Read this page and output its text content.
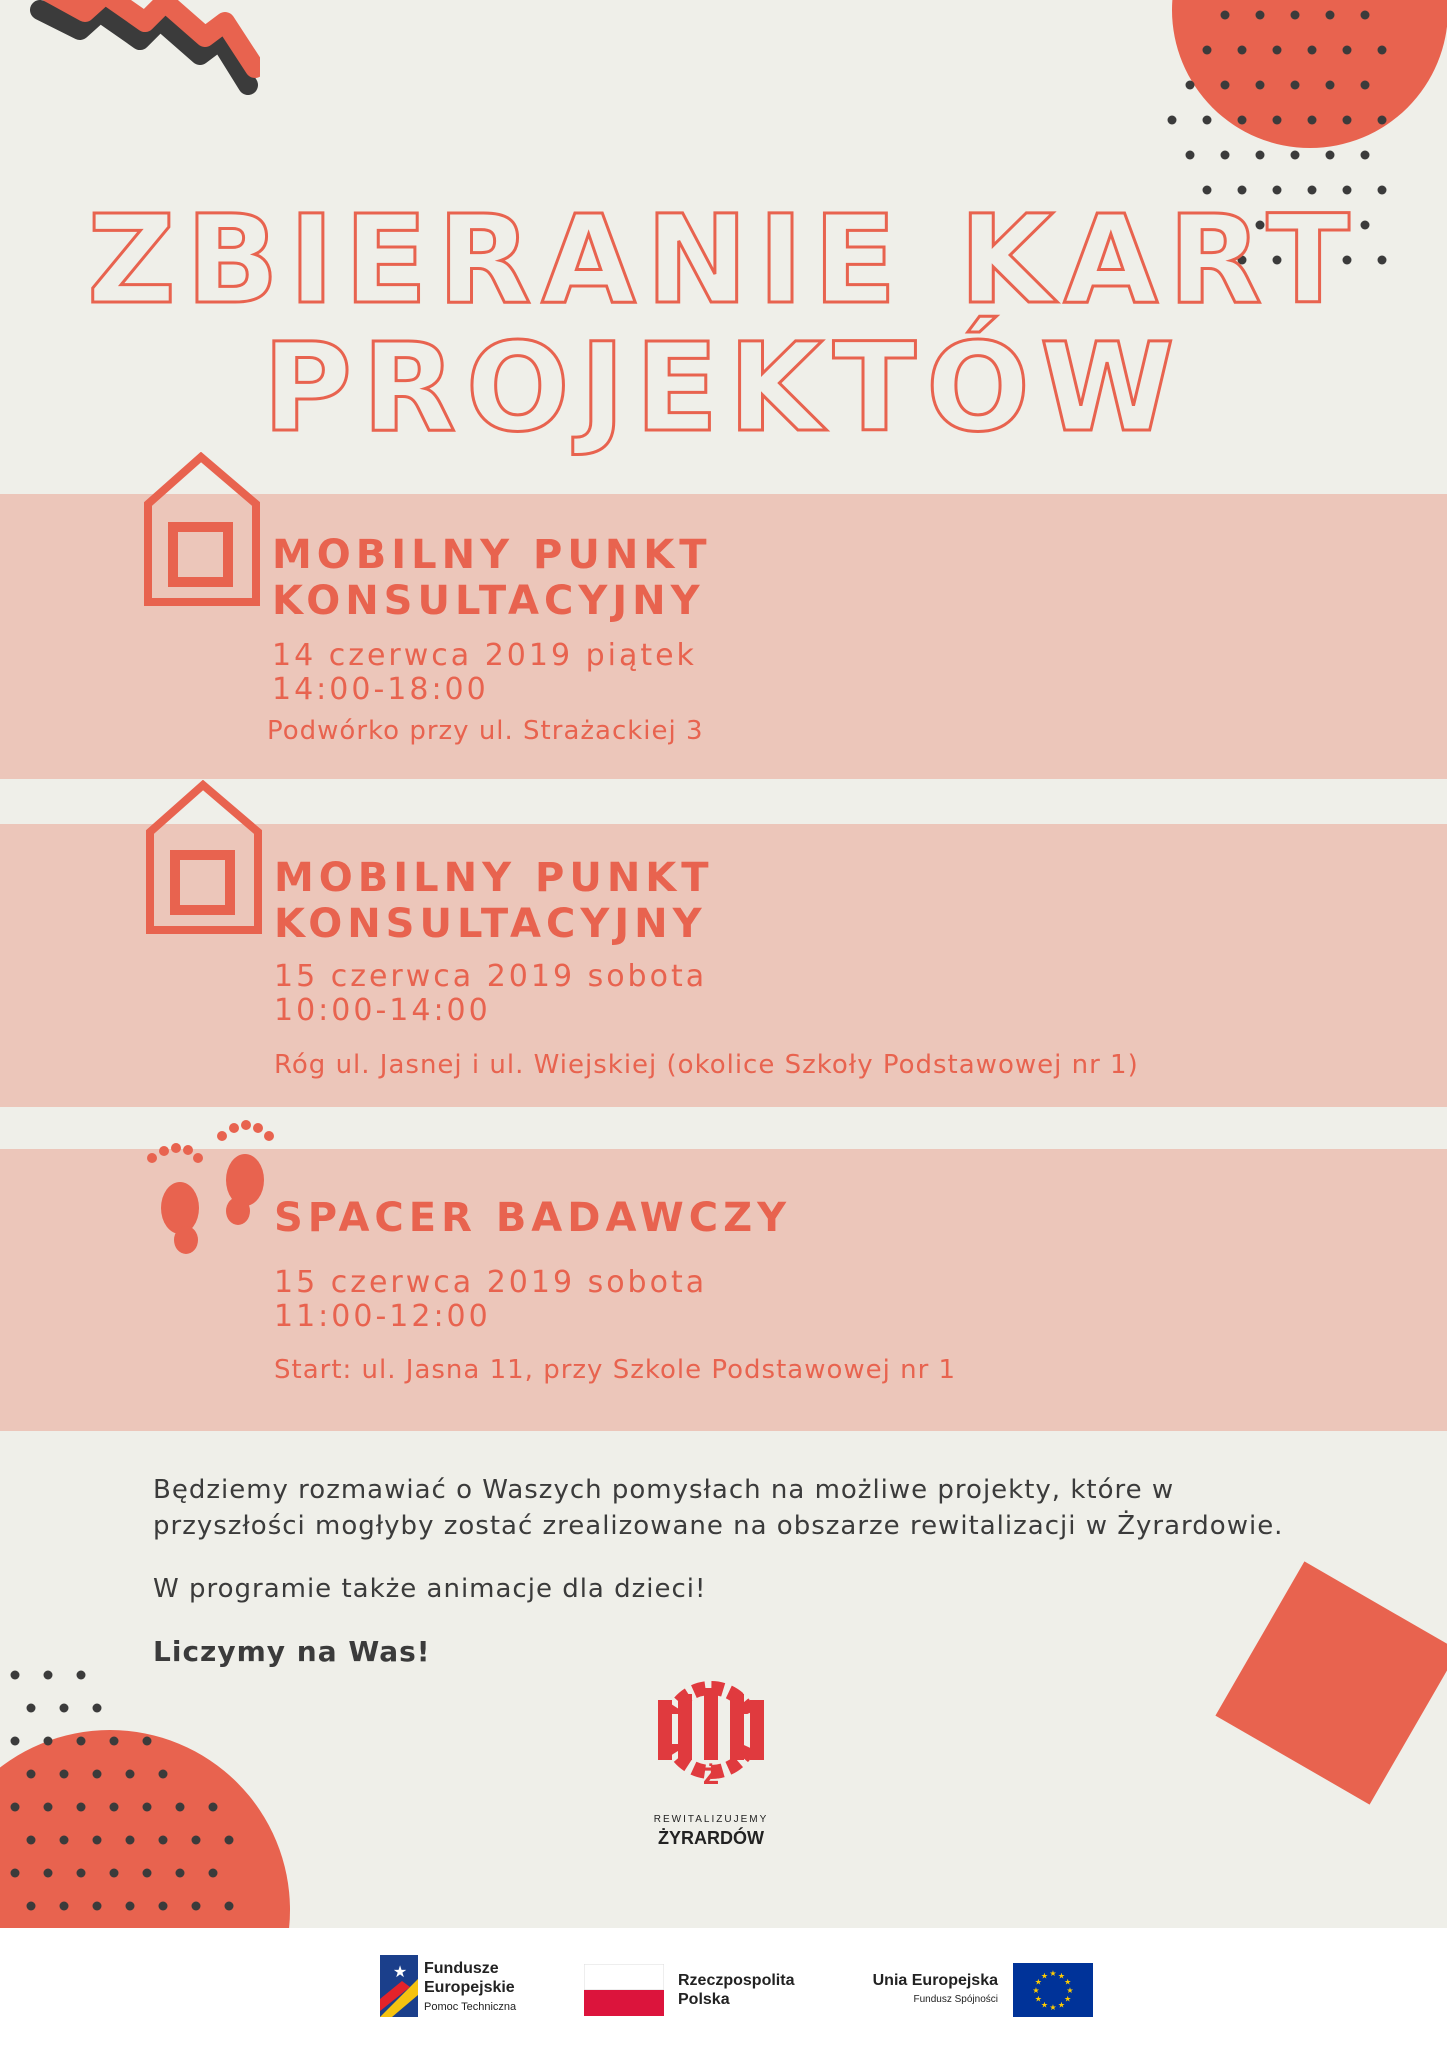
ZBIERANIE KART
PROJEKTÓW
MOBILNY PUNKT
KONSULTACYJNY
14 czerwca 2019 piątek
14:00-18:00
Podwórko przy ul. Strażackiej 3
MOBILNY PUNKT
KONSULTACYJNY
15 czerwca 2019 sobota
10:00-14:00
Róg ul. Jasnej i ul. Wiejskiej (okolice Szkoły Podstawowej nr 1)
SPACER BADAWCZY
15 czerwca 2019 sobota
11:00-12:00
Start: ul. Jasna 11, przy Szkole Podstawowej nr 1
Będziemy rozmawiać o Waszych pomysłach na możliwe projekty, które w
przyszłości mogłyby zostać zrealizowane na obszarze rewitalizacji w Żyrardowie.
W programie także animacje dla dzieci!
Liczymy na Was!
Ż
REWITALIZUJEMY
ŻYRARDÓW
★ Fundusze
Europejskie
Pomoc Techniczna
Rzeczpospolita
Polska
Unia Europejska
Fundusz Spójności
★
★
★
★
★
★
★
★
★ ★ ★
★
